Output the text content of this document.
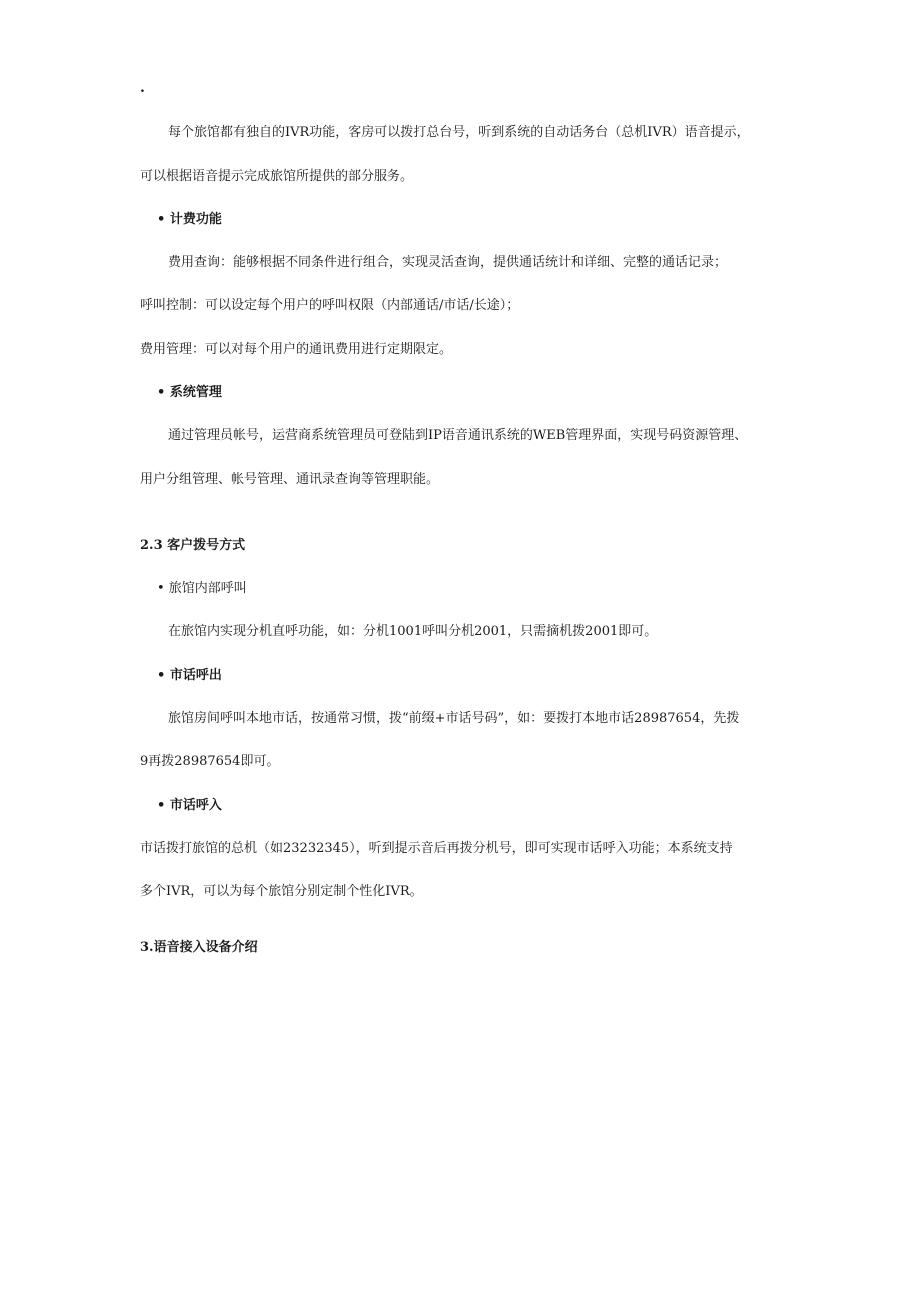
.
每个旅馆都有独自的IVR功能，客房可以拨打总台号，听到系统的自动话务台（总机IVR）语音提示，
可以根据语音提示完成旅馆所提供的部分服务。
• 计费功能
费用查询：能够根据不同条件进行组合，实现灵活查询，提供通话统计和详细、完整的通话记录；
呼叫控制：可以设定每个用户的呼叫权限（内部通话/市话/长途）；
费用管理：可以对每个用户的通讯费用进行定期限定。
• 系统管理
通过管理员帐号，运营商系统管理员可登陆到IP语音通讯系统的WEB管理界面，实现号码资源管理、
用户分组管理、帐号管理、通讯录查询等管理职能。
2.3 客户拨号方式
• 旅馆内部呼叫
在旅馆内实现分机直呼功能，如：分机1001呼叫分机2001，只需摘机拨2001即可。
• 市话呼出
旅馆房间呼叫本地市话，按通常习惯，拨“前缀+市话号码”，如：要拨打本地市话28987654，先拨
9再拨28987654即可。
• 市话呼入
市话拨打旅馆的总机（如23232345），听到提示音后再拨分机号，即可实现市话呼入功能；本系统支持
多个IVR，可以为每个旅馆分别定制个性化IVR。
3.语音接入设备介绍
